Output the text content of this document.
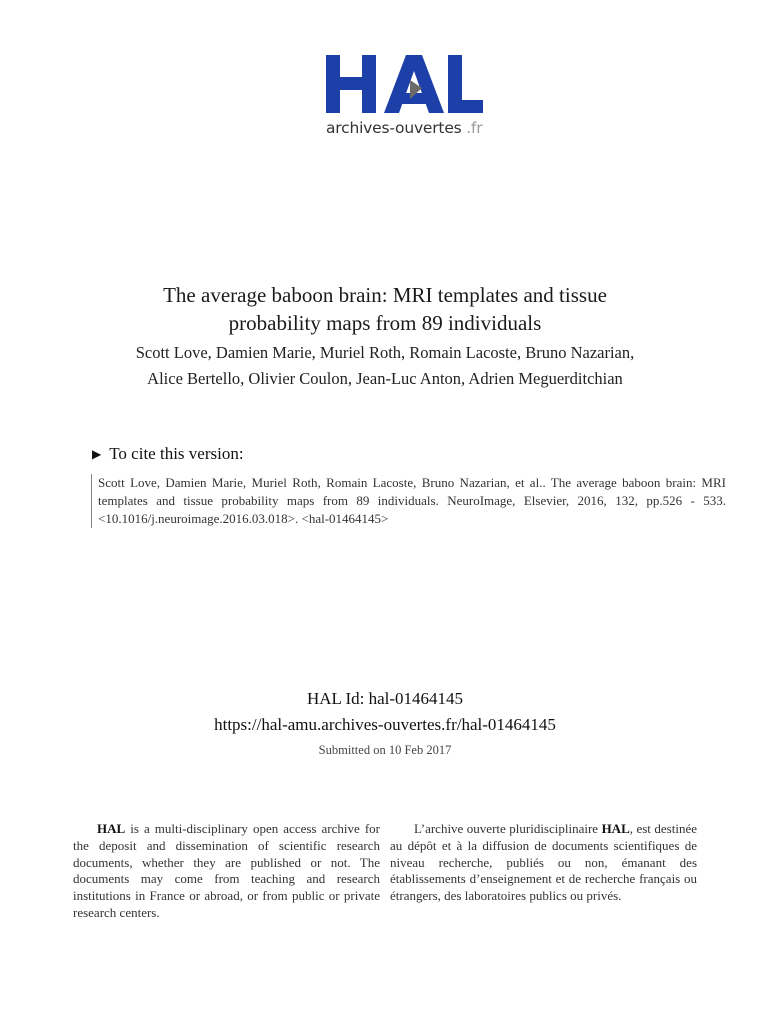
archives-ouvertes .fr
The average baboon brain: MRI templates and tissue
probability maps from 89 individuals
Scott Love, Damien Marie, Muriel Roth, Romain Lacoste, Bruno Nazarian,
Alice Bertello, Olivier Coulon, Jean-Luc Anton, Adrien Meguerditchian
▶ To cite this version:
Scott Love, Damien Marie, Muriel Roth, Romain Lacoste, Bruno Nazarian, et al.. The average baboon brain: MRI templates and tissue probability maps from 89 individuals. NeuroImage, Elsevier, 2016, 132, pp.526 - 533. <10.1016/j.neuroimage.2016.03.018>. <hal-01464145>
HAL Id: hal-01464145
https://hal-amu.archives-ouvertes.fr/hal-01464145
Submitted on 10 Feb 2017
HAL is a multi-disciplinary open access archive for the deposit and dissemination of scientific research documents, whether they are published or not. The documents may come from teaching and research institutions in France or abroad, or from public or private research centers.
L’archive ouverte pluridisciplinaire HAL, est destinée au dépôt et à la diffusion de documents scientifiques de niveau recherche, publiés ou non, émanant des établissements d’enseignement et de recherche français ou étrangers, des laboratoires publics ou privés.
